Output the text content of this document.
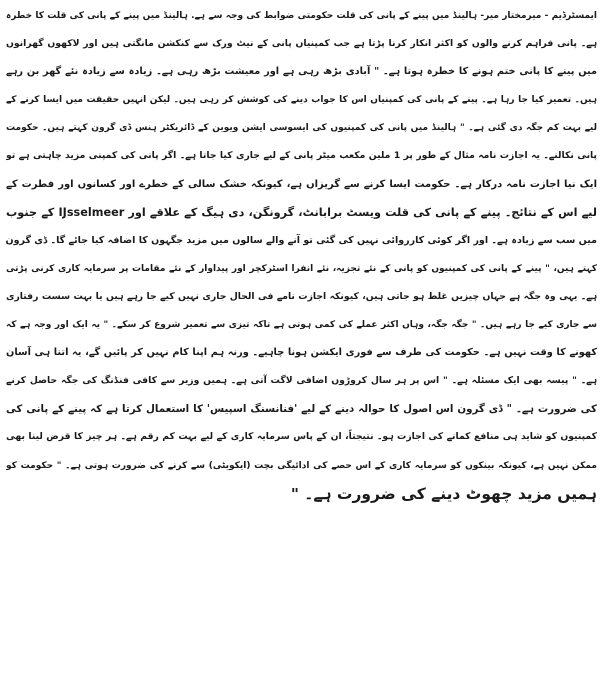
ایمسٹرڈیم - میرمختار میر- ہالینڈ میں پینے کے پانی کی قلت حکومتی ضوابط کی وجہ سے ہے. ہالینڈ میں پینے کے پانی کی قلت کا خطرہ
ہے۔ پانی فراہم کرنے والوں کو اکثر انکار کرنا پڑتا ہے جب کمپنیاں پانی کے نیٹ ورک سے کنکشن مانگتی ہیں اور لاکھوں گھرانوں
میں پینے کا پانی ختم ہونے کا خطرہ ہوتا ہے۔ " آبادی بڑھ رہی ہے اور معیشت بڑھ رہی ہے۔ زیادہ سے زیادہ نئے گھر بن رہے
ہیں۔ تعمیر کیا جا رہا ہے۔ پینے کے پانی کی کمپنیاں اس کا جواب دینے کی کوشش کر رہی ہیں۔ لیکن انہیں حقیقت میں ایسا کرنے کے
لیے بہت کم جگہ دی گئی ہے۔ " ہالینڈ میں پانی کی کمپنیوں کی ایسوسی ایشن ویوین کے ڈائریکٹر ہنس ڈی گرون کہتے ہیں۔ حکومت
پانی نکالنے۔ یہ اجازت نامہ مثال کے طور پر 1 ملین مکعب میٹر پانی کے لیے جاری کیا جاتا ہے۔ اگر پانی کی کمپنی مزید چاہتی ہے تو
ایک نیا اجازت نامہ درکار ہے۔ حکومت ایسا کرنے سے گریزاں ہے، کیونکہ خشک سالی کے خطرے اور کسانوں اور فطرت کے
لیے اس کے نتائج۔ پینے کے پانی کی قلت ویسٹ برابانٹ، گرونگن، دی ہیگ کے علاقے اور IJsselmeer کے جنوب
میں سب سے زیادہ ہے۔ اور اگر کوئی کارروائی نہیں کی گئی تو آنے والے سالوں میں مزید جگہوں کا اضافہ کیا جائے گا۔ ڈی گرون
کہتے ہیں، " پینے کے پانی کی کمپنیوں کو پانی کے نئے تجزیہ، نئے انفرا اسٹرکچر اور پیداوار کے نئے مقامات پر سرمایہ کاری کرنی پڑتی
ہے۔ یہی وہ جگہ ہے جہاں چیزیں غلط ہو جاتی ہیں، کیونکہ اجازت نامے فی الحال جاری نہیں کیے جا رہے ہیں یا بہت سست رفتاری
سے جاری کیے جا رہے ہیں۔ " جگہ جگہ، وہاں اکثر عملے کی کمی ہوتی ہے تاکہ تیزی سے تعمیر شروع کر سکے۔ " یہ ایک اور وجہ ہے کہ
کھونے کا وقت نہیں ہے۔ حکومت کی طرف سے فوری ایکشن ہونا چاہیے۔ ورنہ ہم اپنا کام نہیں کر پائیں گے، یہ اتنا ہی آسان
ہے۔ " پیسہ بھی ایک مسئلہ ہے۔ " اس پر ہر سال کروڑوں اضافی لاگت آتی ہے۔ ہمیں وزیر سے کافی فنڈنگ کی جگہ حاصل کرنے
کی ضرورت ہے۔ " ڈی گرون اس اصول کا حوالہ دینے کے لیے 'فنانسنگ اسپیس' کا استعمال کرتا ہے کہ پینے کے پانی کی
کمپنیوں کو شاید ہی منافع کمانے کی اجازت ہو۔ نتیجتاً، ان کے پاس سرمایہ کاری کے لیے بہت کم رقم ہے۔ ہر چیز کا قرض لینا بھی
ممکن نہیں ہے، کیونکہ بینکوں کو سرمایہ کاری کے اس حصے کی ادائیگی بچت (ایکویٹی) سے کرنے کی ضرورت ہوتی ہے۔ " حکومت کو
ہمیں مزید چھوٹ دینے کی ضرورت ہے۔ "
